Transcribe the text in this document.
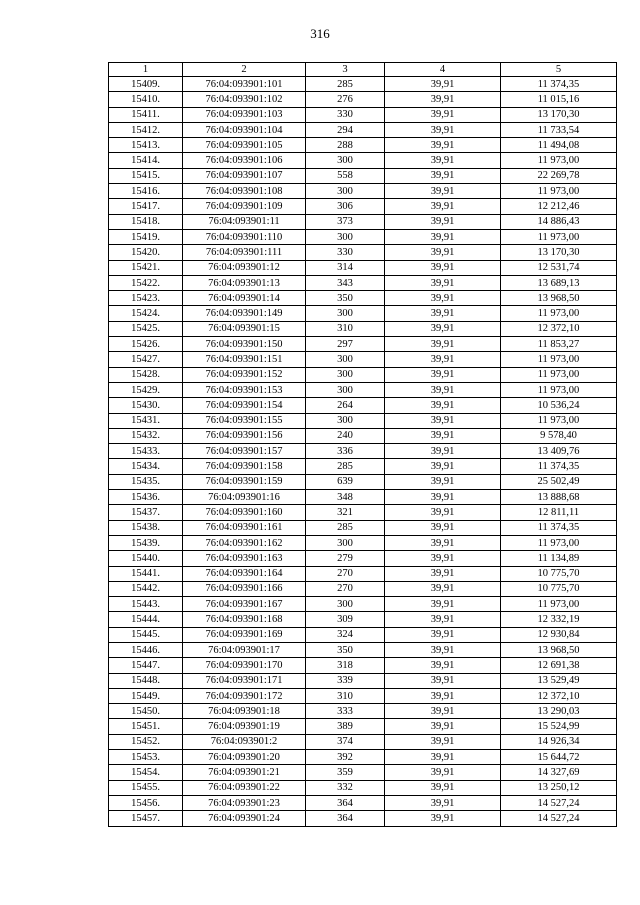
316
1	2	3	4	5
15409.	76:04:093901:101	285	39,91	11 374,35
15410.	76:04:093901:102	276	39,91	11 015,16
15411.	76:04:093901:103	330	39,91	13 170,30
15412.	76:04:093901:104	294	39,91	11 733,54
15413.	76:04:093901:105	288	39,91	11 494,08
15414.	76:04:093901:106	300	39,91	11 973,00
15415.	76:04:093901:107	558	39,91	22 269,78
15416.	76:04:093901:108	300	39,91	11 973,00
15417.	76:04:093901:109	306	39,91	12 212,46
15418.	76:04:093901:11	373	39,91	14 886,43
15419.	76:04:093901:110	300	39,91	11 973,00
15420.	76:04:093901:111	330	39,91	13 170,30
15421.	76:04:093901:12	314	39,91	12 531,74
15422.	76:04:093901:13	343	39,91	13 689,13
15423.	76:04:093901:14	350	39,91	13 968,50
15424.	76:04:093901:149	300	39,91	11 973,00
15425.	76:04:093901:15	310	39,91	12 372,10
15426.	76:04:093901:150	297	39,91	11 853,27
15427.	76:04:093901:151	300	39,91	11 973,00
15428.	76:04:093901:152	300	39,91	11 973,00
15429.	76:04:093901:153	300	39,91	11 973,00
15430.	76:04:093901:154	264	39,91	10 536,24
15431.	76:04:093901:155	300	39,91	11 973,00
15432.	76:04:093901:156	240	39,91	9 578,40
15433.	76:04:093901:157	336	39,91	13 409,76
15434.	76:04:093901:158	285	39,91	11 374,35
15435.	76:04:093901:159	639	39,91	25 502,49
15436.	76:04:093901:16	348	39,91	13 888,68
15437.	76:04:093901:160	321	39,91	12 811,11
15438.	76:04:093901:161	285	39,91	11 374,35
15439.	76:04:093901:162	300	39,91	11 973,00
15440.	76:04:093901:163	279	39,91	11 134,89
15441.	76:04:093901:164	270	39,91	10 775,70
15442.	76:04:093901:166	270	39,91	10 775,70
15443.	76:04:093901:167	300	39,91	11 973,00
15444.	76:04:093901:168	309	39,91	12 332,19
15445.	76:04:093901:169	324	39,91	12 930,84
15446.	76:04:093901:17	350	39,91	13 968,50
15447.	76:04:093901:170	318	39,91	12 691,38
15448.	76:04:093901:171	339	39,91	13 529,49
15449.	76:04:093901:172	310	39,91	12 372,10
15450.	76:04:093901:18	333	39,91	13 290,03
15451.	76:04:093901:19	389	39,91	15 524,99
15452.	76:04:093901:2	374	39,91	14 926,34
15453.	76:04:093901:20	392	39,91	15 644,72
15454.	76:04:093901:21	359	39,91	14 327,69
15455.	76:04:093901:22	332	39,91	13 250,12
15456.	76:04:093901:23	364	39,91	14 527,24
15457.	76:04:093901:24	364	39,91	14 527,24
